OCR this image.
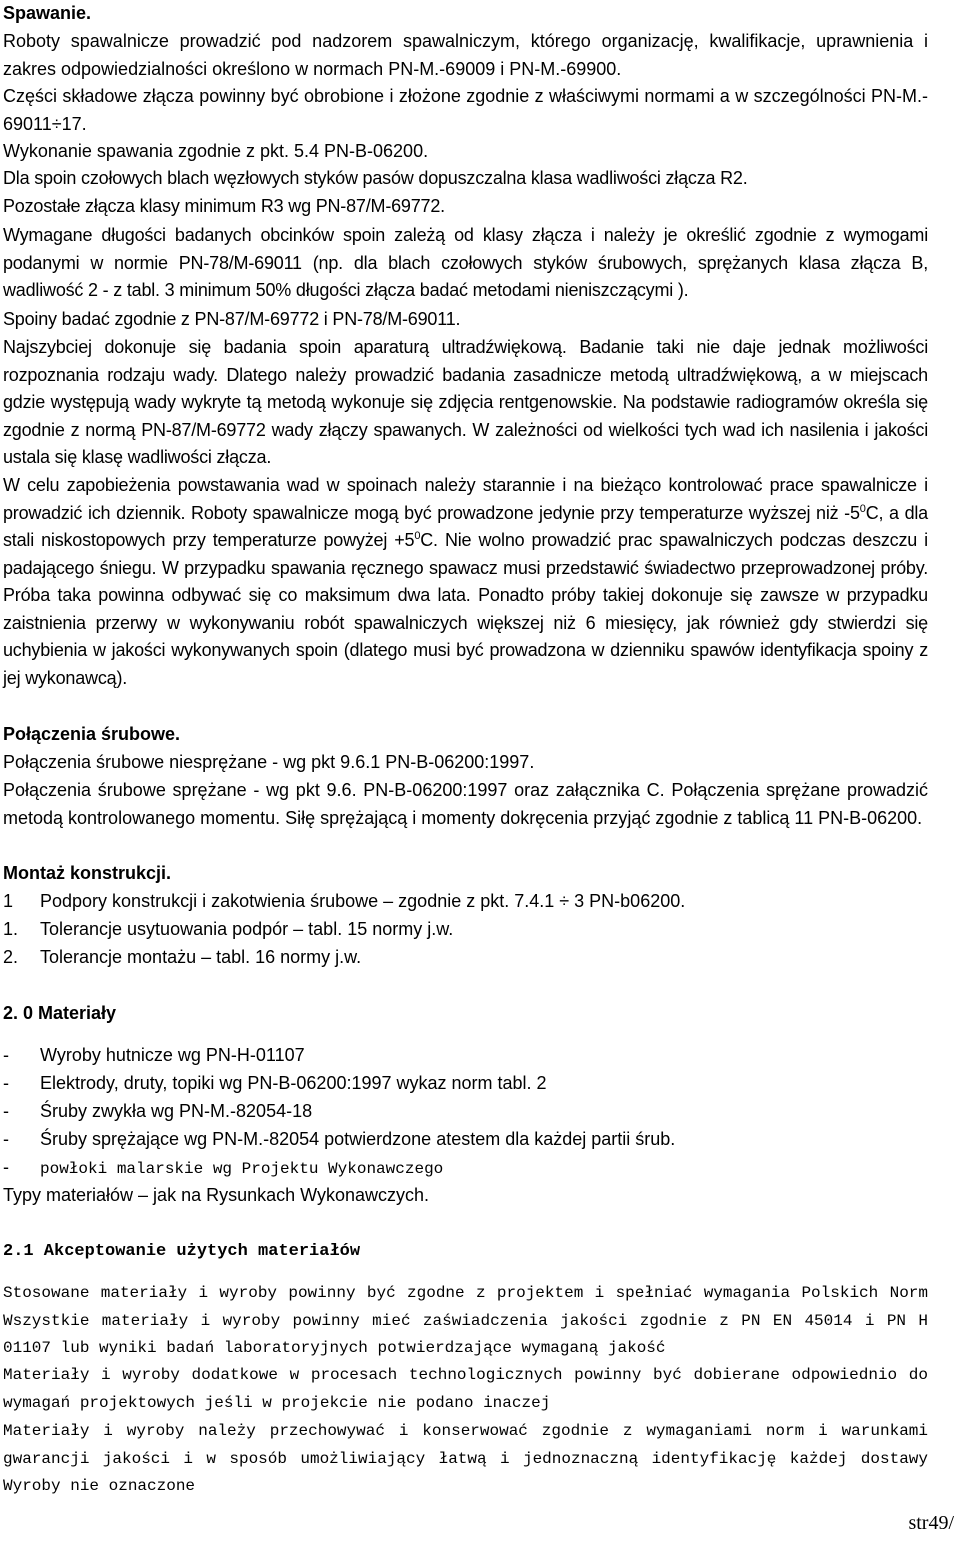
Spawanie.
Roboty spawalnicze prowadzić pod nadzorem spawalniczym, którego organizację, kwalifikacje, uprawnienia i zakres odpowiedzialności określono w normach PN-M.-69009 i PN-M.-69900.
Części składowe złącza powinny być obrobione i złożone zgodnie z właściwymi normami a w szczególności PN-M.- 69011÷17.
Wykonanie spawania zgodnie z pkt. 5.4 PN-B-06200.
Dla spoin czołowych blach węzłowych styków pasów dopuszczalna klasa wadliwości złącza R2.
Pozostałe złącza klasy minimum R3 wg PN-87/M-69772.
Wymagane długości badanych obcinków spoin zależą od klasy złącza i należy je określić zgodnie z wymogami podanymi w normie PN-78/M-69011 (np. dla blach czołowych styków śrubowych, sprężanych klasa złącza B, wadliwość 2 - z tabl. 3 minimum 50% długości złącza badać metodami nieniszczącymi ).
Spoiny badać zgodnie z PN-87/M-69772 i PN-78/M-69011.
Najszybciej dokonuje się badania spoin aparaturą ultradźwiękową. Badanie taki nie daje jednak możliwości rozpoznania rodzaju wady. Dlatego należy prowadzić badania zasadnicze metodą ultradźwiękową, a w miejscach gdzie występują wady wykryte tą metodą wykonuje się zdjęcia rentgenowskie. Na podstawie radiogramów określa się zgodnie z normą PN-87/M-69772 wady złączy spawanych. W zależności od wielkości tych wad ich nasilenia i jakości ustala się klasę wadliwości złącza.
W celu zapobieżenia powstawania wad w spoinach należy starannie i na bieżąco kontrolować prace spawalnicze i prowadzić ich dziennik. Roboty spawalnicze mogą być prowadzone jedynie przy temperaturze wyższej niż $-5^0C$, a dla stali niskostopowych przy temperaturze powyżej $+5^0C$. Nie wolno prowadzić prac spawalniczych podczas deszczu i padającego śniegu. W przypadku spawania ręcznego spawacz musi przedstawić świadectwo przeprowadzonej próby. Próba taka powinna odbywać się co maksimum dwa lata. Ponadto próby takiej dokonuje się zawsze w przypadku zaistnienia przerwy w wykonywaniu robót spawalniczych większej niż 6 miesięcy, jak również gdy stwierdzi się uchybienia w jakości wykonywanych spoin (dlatego musi być prowadzona w dzienniku spawów identyfikacja spoiny z jej wykonawcą).
Połączenia śrubowe.
Połączenia śrubowe niesprężane - wg pkt 9.6.1 PN-B-06200:1997.
Połączenia śrubowe sprężane - wg pkt 9.6. PN-B-06200:1997 oraz załącznika C. Połączenia sprężane prowadzić metodą kontrolowanego momentu. Siłę sprężającą i momenty dokręcenia przyjąć zgodnie z tablicą 11 PN-B-06200.
Montaż konstrukcji.
1 Podpory konstrukcji i zakotwienia śrubowe – zgodnie z pkt. 7.4.1 ÷ 3 PN-b06200.
1. Tolerancje usytuowania podpór – tabl. 15 normy j.w.
2. Tolerancje montażu – tabl. 16 normy j.w.
2. 0 Materiały
- Wyroby hutnicze wg PN-H-01107
- Elektrody, druty, topiki wg PN-B-06200:1997 wykaz norm tabl. 2
- Śruby zwykła wg PN-M.-82054-18
- Śruby sprężające wg PN-M.-82054 potwierdzone atestem dla każdej partii śrub.
- powłoki malarskie wg Projektu Wykonawczego
Typy materiałów – jak na Rysunkach Wykonawczych.
2.1 Akceptowanie użytych materiałów
Stosowane materiały i wyroby powinny być zgodne z projektem i spełniać wymagania Polskich Norm Wszystkie materiały i wyroby powinny mieć zaświadczenia jakości zgodnie z PN EN 45014 i PN H 01107 lub wyniki badań laboratoryjnych potwierdzające wymaganą jakość
Materiały i wyroby dodatkowe w procesach technologicznych powinny być dobierane odpowiednio do wymagań projektowych jeśli w projekcie nie podano inaczej
Materiały i wyroby należy przechowywać i konserwować zgodnie z wymaganiami norm i warunkami gwarancji jakości i w sposób umożliwiający łatwą i jednoznaczną identyfikację każdej dostawy Wyroby nie oznaczone
str49/
